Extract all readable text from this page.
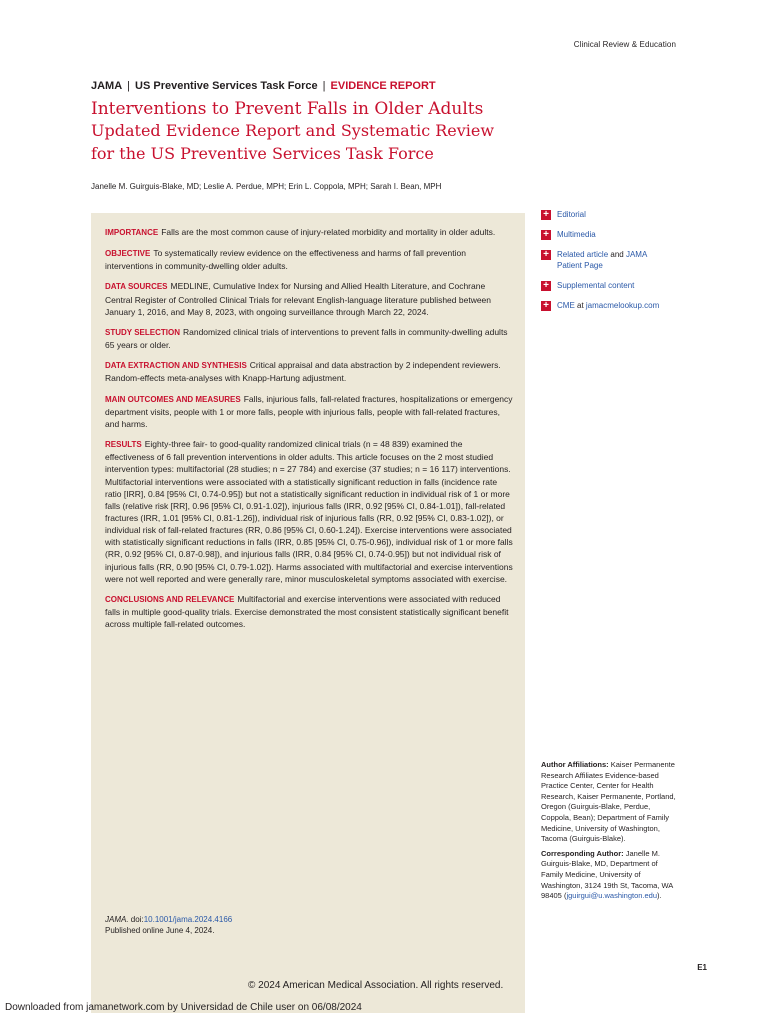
Clinical Review & Education
JAMA | US Preventive Services Task Force | EVIDENCE REPORT
Interventions to Prevent Falls in Older Adults
Updated Evidence Report and Systematic Review
for the US Preventive Services Task Force
Janelle M. Guirguis-Blake, MD; Leslie A. Perdue, MPH; Erin L. Coppola, MPH; Sarah I. Bean, MPH

IMPORTANCE Falls are the most common cause of injury-related morbidity and mortality in older adults.

OBJECTIVE To systematically review evidence on the effectiveness and harms of fall prevention interventions in community-dwelling older adults.

DATA SOURCES MEDLINE, Cumulative Index for Nursing and Allied Health Literature, and Cochrane Central Register of Controlled Clinical Trials for relevant English-language literature published between January 1, 2016, and May 8, 2023, with ongoing surveillance through March 22, 2024.

STUDY SELECTION Randomized clinical trials of interventions to prevent falls in community-dwelling adults 65 years or older.

DATA EXTRACTION AND SYNTHESIS Critical appraisal and data abstraction by 2 independent reviewers. Random-effects meta-analyses with Knapp-Hartung adjustment.

MAIN OUTCOMES AND MEASURES Falls, injurious falls, fall-related fractures, hospitalizations or emergency department visits, people with 1 or more falls, people with injurious falls, people with fall-related fractures, and harms.

RESULTS Eighty-three fair- to good-quality randomized clinical trials (n = 48 839) examined the effectiveness of 6 fall prevention interventions in older adults. This article focuses on the 2 most studied intervention types: multifactorial (28 studies; n = 27 784) and exercise (37 studies; n = 16 117) interventions. Multifactorial interventions were associated with a statistically significant reduction in falls (incidence rate ratio [IRR], 0.84 [95% CI, 0.74-0.95]) but not a statistically significant reduction in individual risk of 1 or more falls (relative risk [RR], 0.96 [95% CI, 0.91-1.02]), injurious falls (IRR, 0.92 [95% CI, 0.84-1.01]), fall-related fractures (IRR, 1.01 [95% CI, 0.81-1.26]), individual risk of injurious falls (RR, 0.92 [95% CI, 0.83-1.02]), or individual risk of fall-related fractures (RR, 0.86 [95% CI, 0.60-1.24]). Exercise interventions were associated with statistically significant reductions in falls (IRR, 0.85 [95% CI, 0.75-0.96]), individual risk of 1 or more falls (RR, 0.92 [95% CI, 0.87-0.98]), and injurious falls (IRR, 0.84 [95% CI, 0.74-0.95]) but not individual risk of injurious falls (RR, 0.90 [95% CI, 0.79-1.02]). Harms associated with multifactorial and exercise interventions were not well reported and were generally rare, minor musculoskeletal symptoms associated with exercise.

CONCLUSIONS AND RELEVANCE Multifactorial and exercise interventions were associated with reduced falls in multiple good-quality trials. Exercise demonstrated the most consistent statistically significant benefit across multiple fall-related outcomes.

JAMA. doi:10.1001/jama.2024.4166
Published online June 4, 2024.
+ Editorial
+ Multimedia
+ Related article and JAMA
Patient Page
+ Supplemental content
+ CME at jamacmelookup.com

Author Affiliations: Kaiser Permanente Research Affiliates Evidence-based Practice Center, Center for Health Research, Kaiser Permanente, Portland, Oregon (Guirguis-Blake, Perdue, Coppola, Bean); Department of Family Medicine, University of Washington, Tacoma (Guirguis-Blake).

Corresponding Author: Janelle M. Guirguis-Blake, MD, Department of Family Medicine, University of Washington, 3124 19th St, Tacoma, WA 98405 (jguirgui@u.washington.edu).

E1
© 2024 American Medical Association. All rights reserved.
Downloaded from jamanetwork.com by Universidad de Chile user on 06/08/2024
